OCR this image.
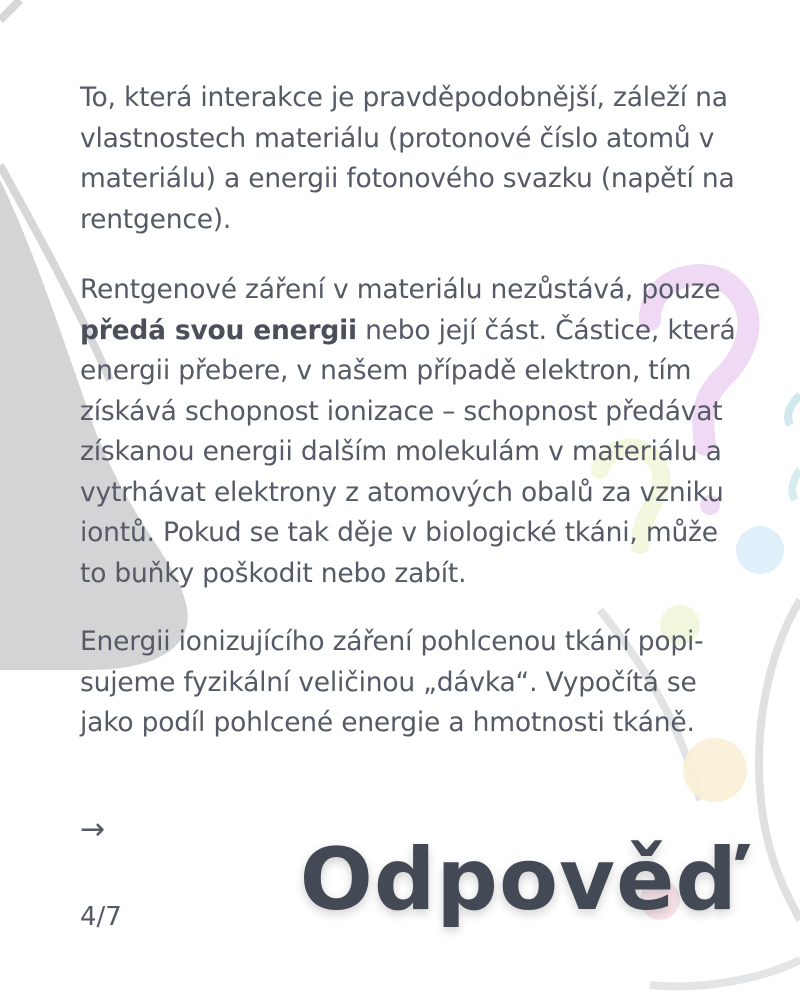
To, která interakce je pravděpodobnější, záleží na vlastnostech materiálu (protonové číslo atomů v materiálu) a energii fotonového svazku (napětí na rentgence).

Rentgenové záření v materiálu nezůstává, pouze předá svou energii nebo její část. Částice, která energii přebere, v našem případě elektron, tím získává schopnost ionizace – schopnost předávat získanou energii dalším molekulám v materiálu a vytrhávat elektrony z atomových obalů za vzniku iontů. Pokud se tak děje v biologické tkáni, může to buňky poškodit nebo zabít.

Energii ionizujícího záření pohlcenou tkání popisujeme fyzikální veličinou „dávka“. Vypočítá se jako podíl pohlcené energie a hmotnosti tkáně.

→
4/7 Odpověď
